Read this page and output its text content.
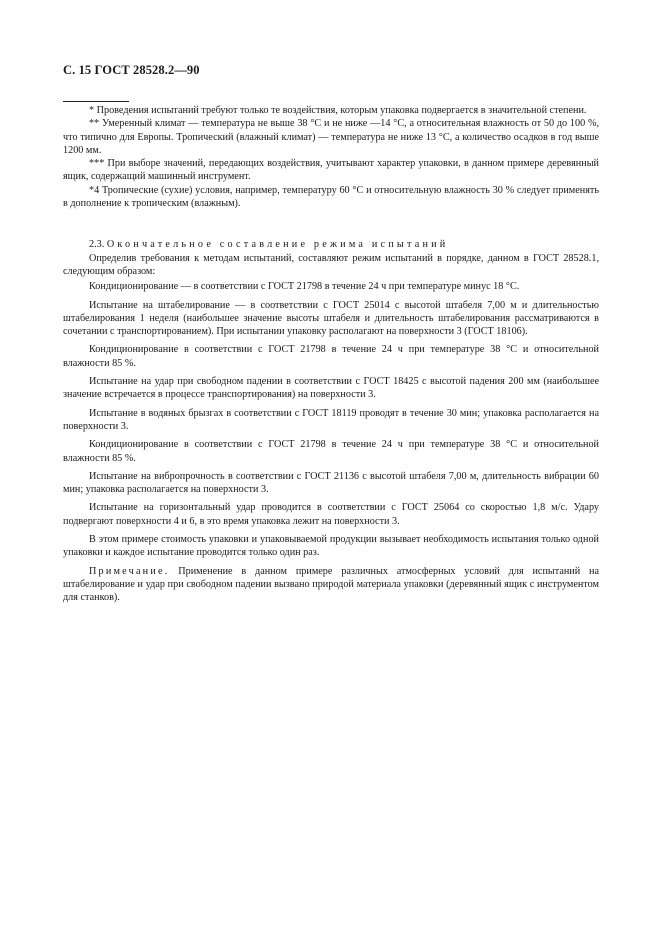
С. 15 ГОСТ 28528.2—90

* Проведения испытаний требуют только те воздействия, которым упаковка подвергается в значительной степени.

** Умеренный климат — температура не выше 38 °С и не ниже —14 °С, а относительная влажность от 50 до 100 %, что типично для Европы. Тропический (влажный климат) — температура не ниже 13 °С, а количество осадков в год выше 1200 мм.

*** При выборе значений, передающих воздействия, учитывают характер упаковки, в данном примере деревянный ящик, содержащий машинный инструмент.

*4 Тропические (сухие) условия, например, температуру 60 °С и относительную влажность 30 % следует применять в дополнение к тропическим (влажным).

2.3. Окончательное составление режима испытаний

Определив требования к методам испытаний, составляют режим испытаний в порядке, данном в ГОСТ 28528.1, следующим образом:

Кондиционирование — в соответствии с ГОСТ 21798 в течение 24 ч при температуре минус 18 °С.

Испытание на штабелирование — в соответствии с ГОСТ 25014 с высотой штабеля 7,00 м и длительностью штабелирования 1 неделя (наибольшее значение высоты штабеля и длительность штабелирования рассматриваются в сочетании с транспортированием). При испытании упаковку располагают на поверхности 3 (ГОСТ 18106).

Кондиционирование в соответствии с ГОСТ 21798 в течение 24 ч при температуре 38 °С и относительной влажности 85 %.

Испытание на удар при свободном падении в соответствии с ГОСТ 18425 с высотой падения 200 мм (наибольшее значение встречается в процессе транспортирования) на поверхности 3.

Испытание в водяных брызгах в соответствии с ГОСТ 18119 проводят в течение 30 мин; упаковка располагается на поверхности 3.

Кондиционирование в соответствии с ГОСТ 21798 в течение 24 ч при температуре 38 °С и относительной влажности 85 %.

Испытание на вибропрочность в соответствии с ГОСТ 21136 с высотой штабеля 7,00 м, длительность вибрации 60 мин; упаковка располагается на поверхности 3.

Испытание на горизонтальный удар проводится в соответствии с ГОСТ 25064 со скоростью 1,8 м/с. Удару подвергают поверхности 4 и 6, в это время упаковка лежит на поверхности 3.

В этом примере стоимость упаковки и упаковываемой продукции вызывает необходимость испытания только одной упаковки и каждое испытание проводится только один раз.

Примечание. Применение в данном примере различных атмосферных условий для испытаний на штабелирование и удар при свободном падении вызвано природой материала упаковки (деревянный ящик с инструментом для станков).
